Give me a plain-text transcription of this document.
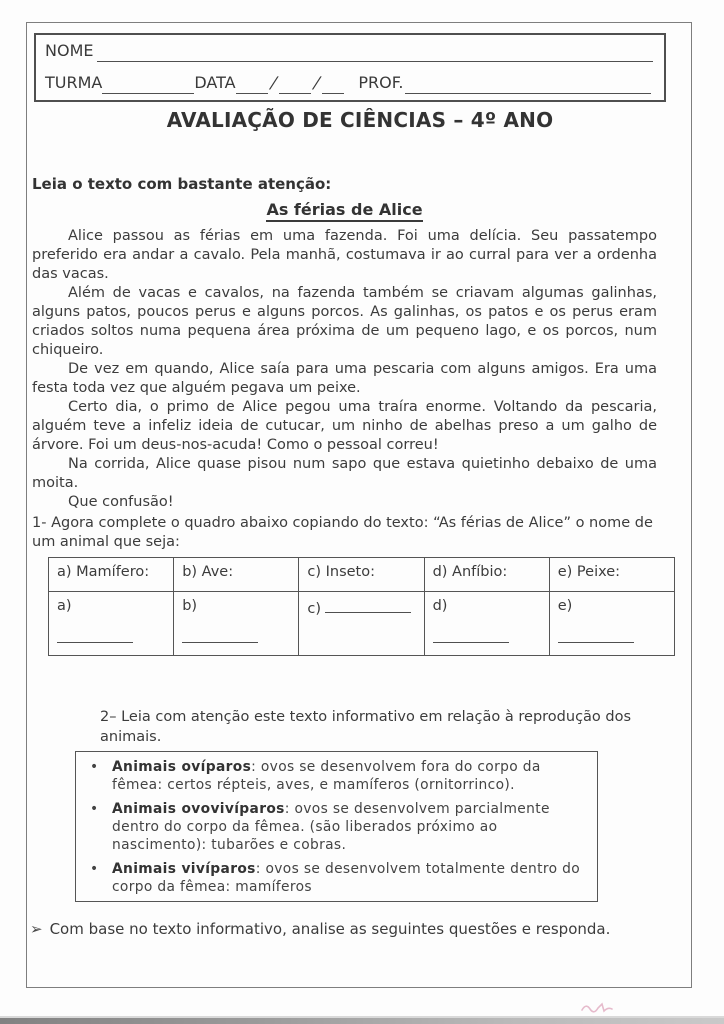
NOME
TURMA	DATA / / PROF.
AVALIAÇÃO DE CIÊNCIAS – 4º ANO
Leia o texto com bastante atenção:
As férias de Alice

Alice passou as férias em uma fazenda. Foi uma delícia. Seu passatempo preferido era andar a cavalo. Pela manhã, costumava ir ao curral para ver a ordenha das vacas.

Além de vacas e cavalos, na fazenda também se criavam algumas galinhas, alguns patos, poucos perus e alguns porcos. As galinhas, os patos e os perus eram criados soltos numa pequena área próxima de um pequeno lago, e os porcos, num chiqueiro.

De vez em quando, Alice saía para uma pescaria com alguns amigos. Era uma festa toda vez que alguém pegava um peixe.

Certo dia, o primo de Alice pegou uma traíra enorme. Voltando da pescaria, alguém teve a infeliz ideia de cutucar, um ninho de abelhas preso a um galho de árvore. Foi um deus-nos-acuda! Como o pessoal correu!

Na corrida, Alice quase pisou num sapo que estava quietinho debaixo de uma moita.

Que confusão!

1- Agora complete o quadro abaixo copiando do texto: “As férias de Alice” o nome de um animal que seja:
a) Mamífero:	b) Ave:	c) Inseto:	d) Anfíbio:	e) Peixe:
a)	b)	c)	d)	e)

2– Leia com atenção este texto informativo em relação à reprodução dos animais.
• Animais ovíparos: ovos se desenvolvem fora do corpo da fêmea: certos répteis, aves, e mamíferos (ornitorrinco).
• Animais ovovivíparos: ovos se desenvolvem parcialmente dentro do corpo da fêmea. (são liberados próximo ao nascimento): tubarões e cobras.
• Animais vivíparos: ovos se desenvolvem totalmente dentro do corpo da fêmea: mamíferos
➢ Com base no texto informativo, analise as seguintes questões e responda.
